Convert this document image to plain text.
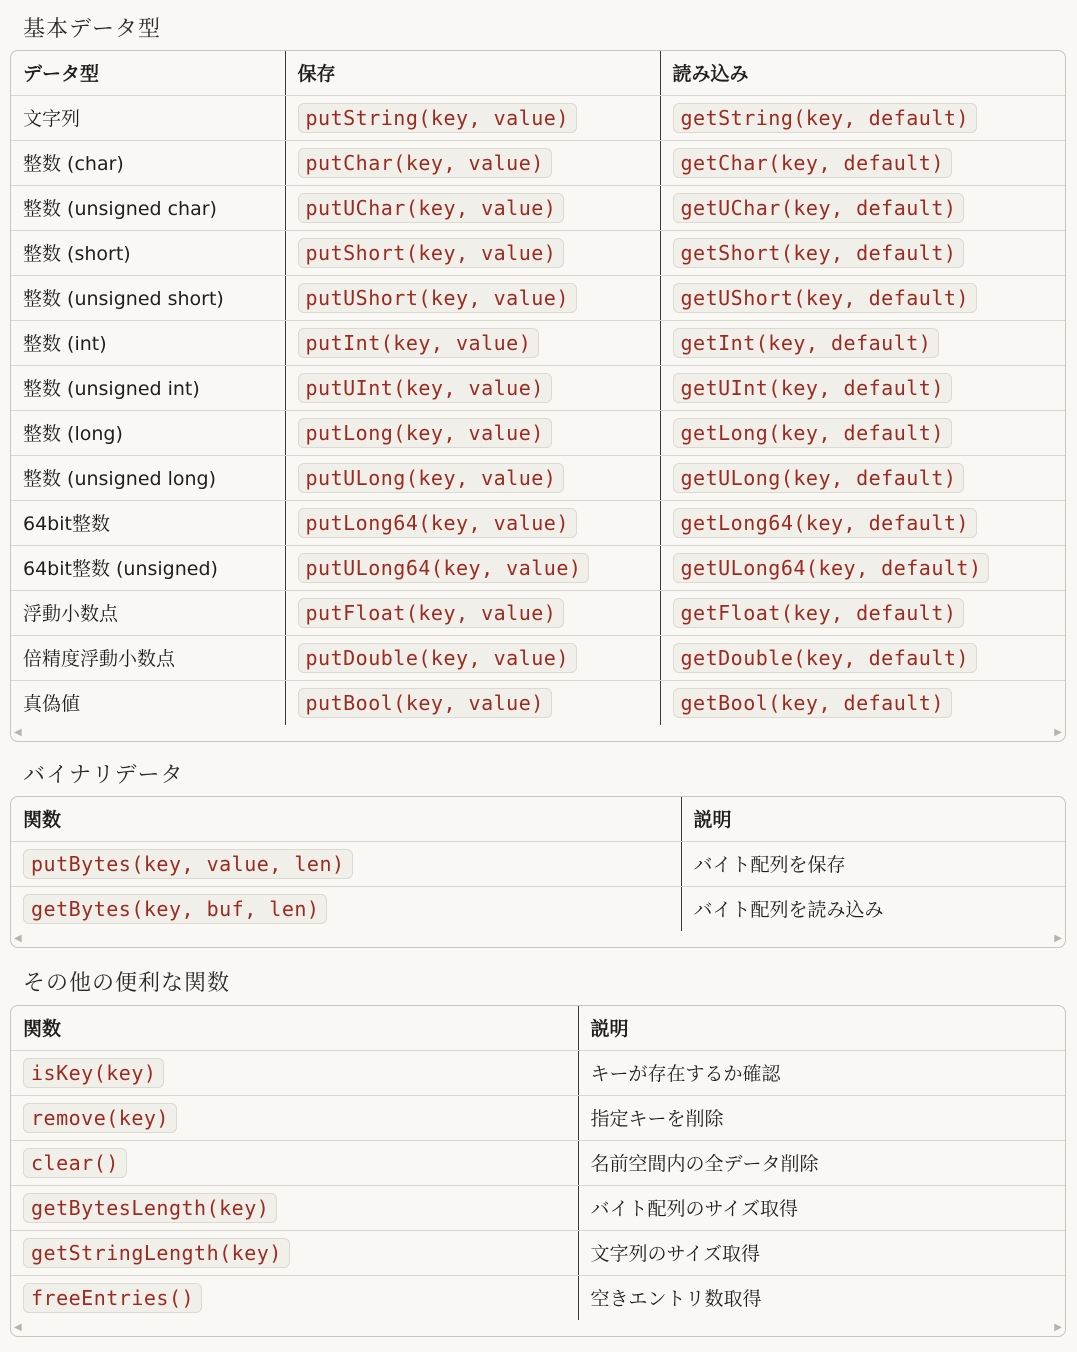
基本データ型
データ型	保存	読み込み
文字列	putString(key, value)	getString(key, default)
整数 (char)	putChar(key, value)	getChar(key, default)
整数 (unsigned char)	putUChar(key, value)	getUChar(key, default)
整数 (short)	putShort(key, value)	getShort(key, default)
整数 (unsigned short)	putUShort(key, value)	getUShort(key, default)
整数 (int)	putInt(key, value)	getInt(key, default)
整数 (unsigned int)	putUInt(key, value)	getUInt(key, default)
整数 (long)	putLong(key, value)	getLong(key, default)
整数 (unsigned long)	putULong(key, value)	getULong(key, default)
64bit整数	putLong64(key, value)	getLong64(key, default)
64bit整数 (unsigned)	putULong64(key, value)	getULong64(key, default)
浮動小数点	putFloat(key, value)	getFloat(key, default)
倍精度浮動小数点	putDouble(key, value)	getDouble(key, default)
真偽値	putBool(key, value)	getBool(key, default)
◀	▶
バイナリデータ
関数	説明
putBytes(key, value, len)	バイト配列を保存
getBytes(key, buf, len)	バイト配列を読み込み
◀	▶
その他の便利な関数
関数	説明
isKey(key)	キーが存在するか確認
remove(key)	指定キーを削除
clear()	名前空間内の全データ削除
getBytesLength(key)	バイト配列のサイズ取得
getStringLength(key)	文字列のサイズ取得
freeEntries()	空きエントリ数取得
◀	▶
